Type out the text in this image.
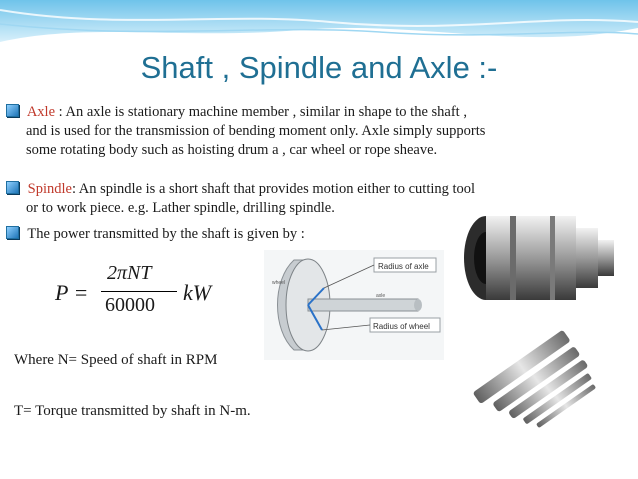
Shaft , Spindle and Axle :-
Axle : An axle is stationary machine member , similar in shape to the shaft ,
and is used for the transmission of bending moment only. Axle simply supports
some rotating body such as hoisting drum a , car wheel or rope sheave.
Spindle: An spindle is a short shaft that provides motion either to cutting tool
or to work piece. e.g. Lather spindle, drilling spindle.
The power transmitted by the shaft is given by :
P =
2πNT
60000 kW
Where N= Speed of shaft in RPM
T= Torque transmitted by shaft in N-m.
Radius of axle
Radius of wheel
wheel
axle
